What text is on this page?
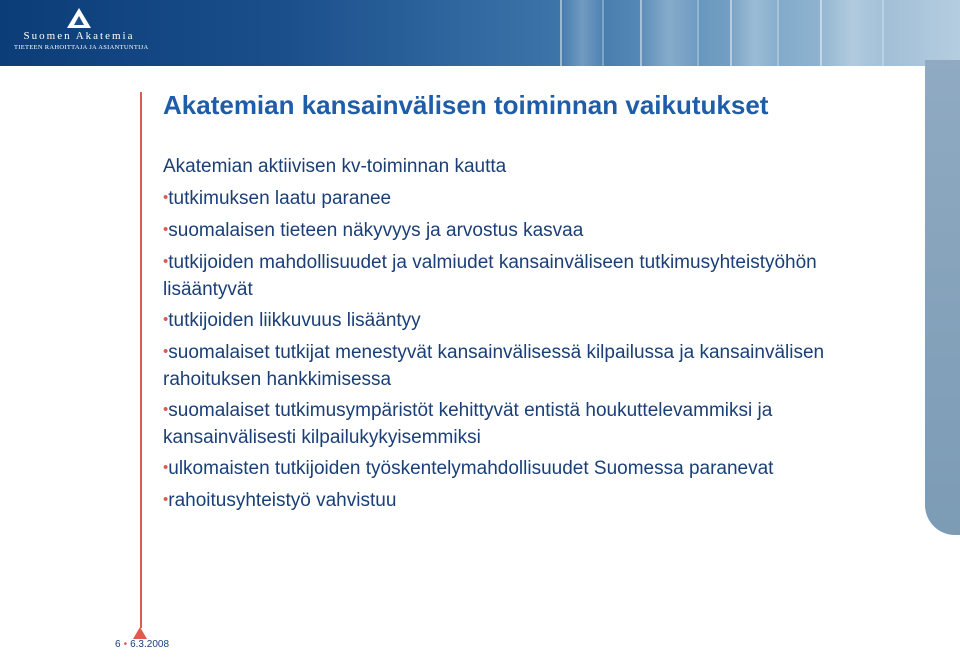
Suomen Akatemia
TIETEEN RAHOITTAJA JA ASIANTUNTIJA
Akatemian kansainvälisen toiminnan vaikutukset
Akatemian aktiivisen kv-toiminnan kautta
•tutkimuksen laatu paranee
•suomalaisen tieteen näkyvyys ja arvostus kasvaa
•tutkijoiden mahdollisuudet ja valmiudet kansainväliseen tutkimusyhteistyöhön lisääntyvät
•tutkijoiden liikkuvuus lisääntyy
•suomalaiset tutkijat menestyvät kansainvälisessä kilpailussa ja kansainvälisen rahoituksen hankkimisessa
•suomalaiset tutkimusympäristöt kehittyvät entistä houkuttelevammiksi ja kansainvälisesti kilpailukykyisemmiksi
•ulkomaisten tutkijoiden työskentelymahdollisuudet Suomessa paranevat
•rahoitusyhteistyö vahvistuu
6 • 6.3.2008
